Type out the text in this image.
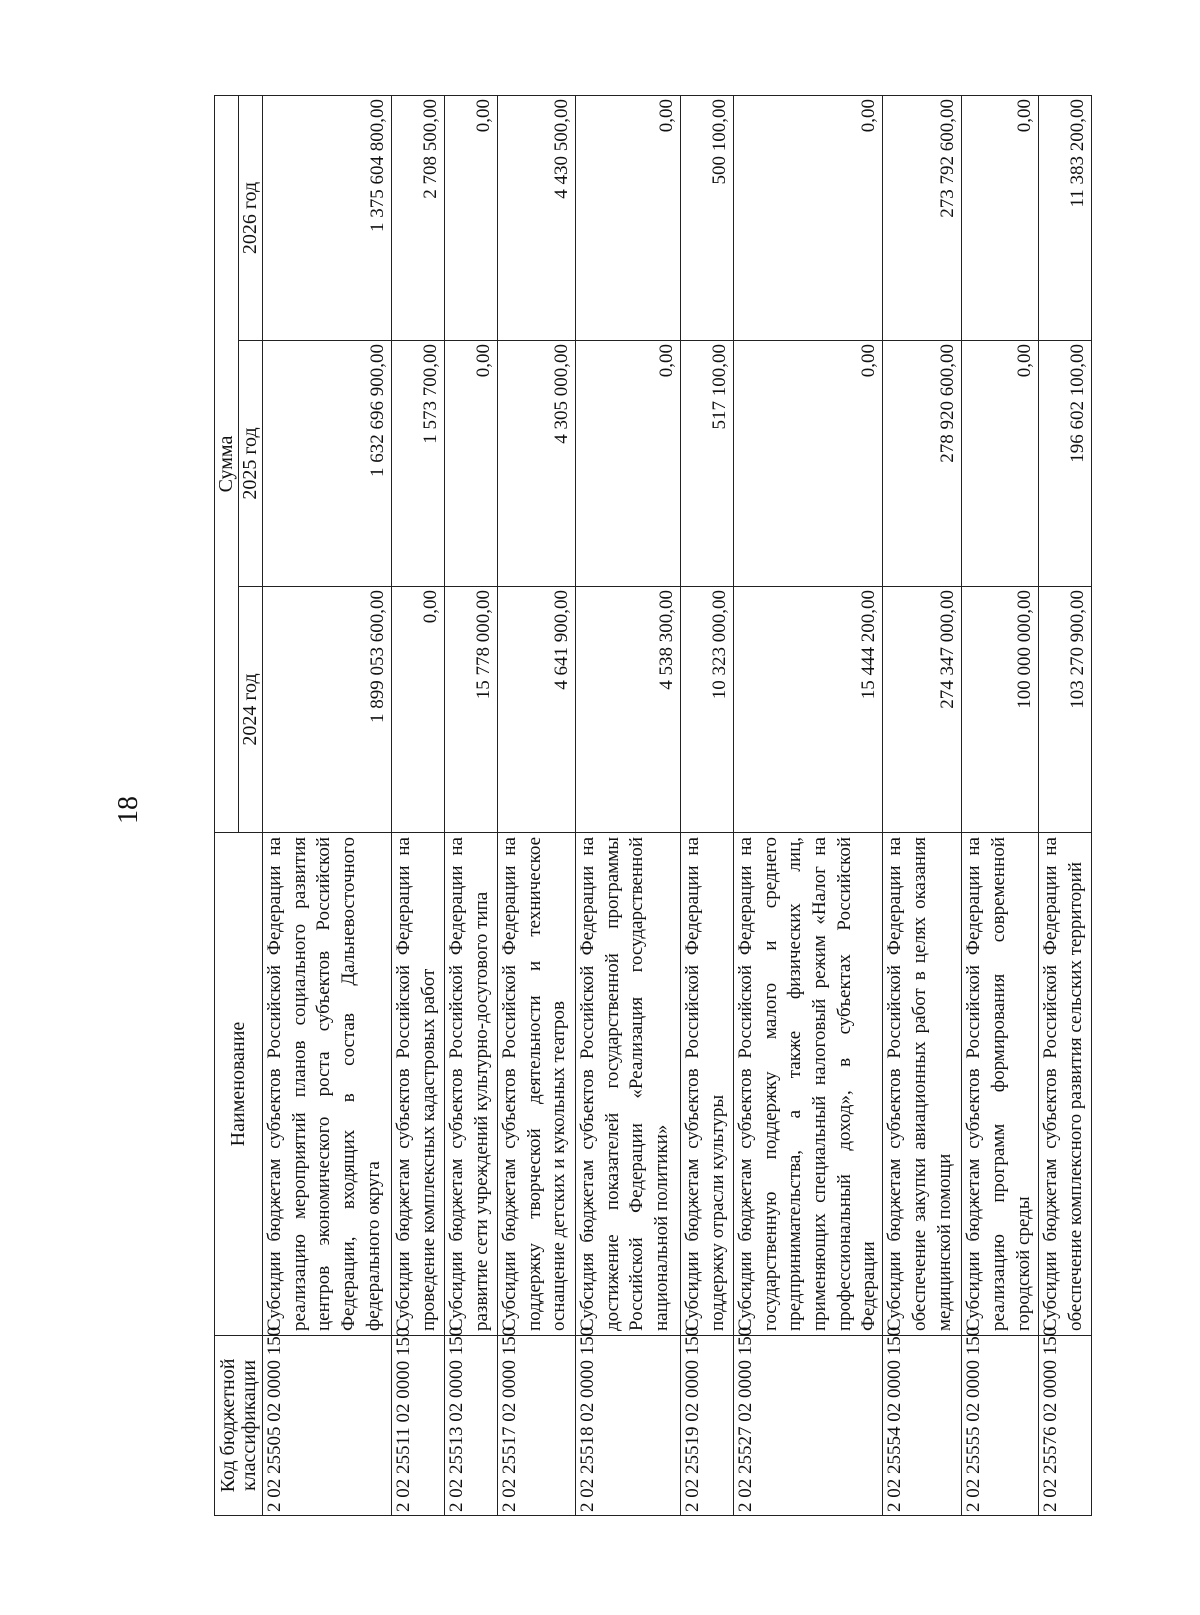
18
Код бюджетной классификации	Наименование	Сумма		
		2024 год	2025 год	2026 год
2 02 25505 02 0000 150	Субсидии бюджетам субъектов Российской Федерации на реализацию мероприятий планов социального развития центров экономического роста субъектов Российской Федерации, входящих в состав Дальневосточного федерального округа	1 899 053 600,00	1 632 696 900,00	1 375 604 800,00
2 02 25511 02 0000 150	Субсидии бюджетам субъектов Российской Федерации на проведение комплексных кадастровых работ	0,00	1 573 700,00	2 708 500,00
2 02 25513 02 0000 150	Субсидии бюджетам субъектов Российской Федерации на развитие сети учреждений культурно-досугового типа	15 778 000,00	0,00	0,00
2 02 25517 02 0000 150	Субсидии бюджетам субъектов Российской Федерации на поддержку творческой деятельности и техническое оснащение детских и кукольных театров	4 641 900,00	4 305 000,00	4 430 500,00
2 02 25518 02 0000 150	Субсидия бюджетам субъектов Российской Федерации на достижение показателей государственной программы Российской Федерации «Реализация государственной национальной политики»	4 538 300,00	0,00	0,00
2 02 25519 02 0000 150	Субсидии бюджетам субъектов Российской Федерации на поддержку отрасли культуры	10 323 000,00	517 100,00	500 100,00
2 02 25527 02 0000 150	Субсидии бюджетам субъектов Российской Федерации на государственную поддержку малого и среднего предпринимательства, а также физических лиц, применяющих специальный налоговый режим «Налог на профессиональный доход», в субъектах Российской Федерации	15 444 200,00	0,00	0,00
2 02 25554 02 0000 150	Субсидии бюджетам субъектов Российской Федерации на обеспечение закупки авиационных работ в целях оказания медицинской помощи	274 347 000,00	278 920 600,00	273 792 600,00
2 02 25555 02 0000 150	Субсидии бюджетам субъектов Российской Федерации на реализацию программ формирования современной городской среды	100 000 000,00	0,00	0,00
2 02 25576 02 0000 150	Субсидии бюджетам субъектов Российской Федерации на обеспечение комплексного развития сельских территорий	103 270 900,00	196 602 100,00	11 383 200,00
